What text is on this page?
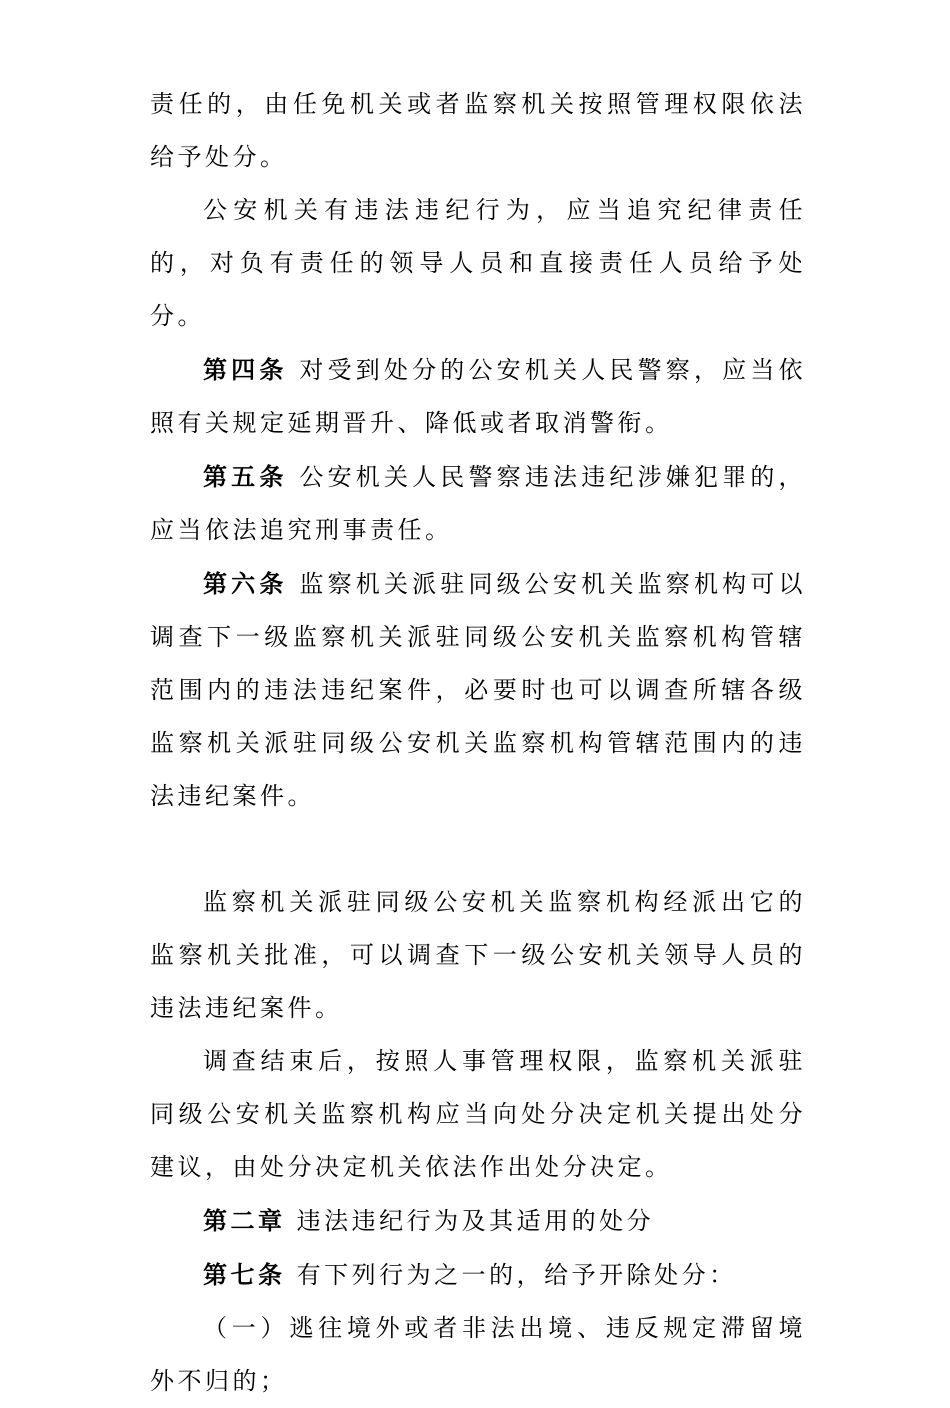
责任的，由任免机关或者监察机关按照管理权限依法给予处分。

公安机关有违法违纪行为，应当追究纪律责任的，对负有责任的领导人员和直接责任人员给予处分。

第四条 对受到处分的公安机关人民警察，应当依照有关规定延期晋升、降低或者取消警衔。

第五条 公安机关人民警察违法违纪涉嫌犯罪的，应当依法追究刑事责任。

第六条 监察机关派驻同级公安机关监察机构可以调查下一级监察机关派驻同级公安机关监察机构管辖范围内的违法违纪案件，必要时也可以调查所辖各级监察机关派驻同级公安机关监察机构管辖范围内的违法违纪案件。

监察机关派驻同级公安机关监察机构经派出它的监察机关批准，可以调查下一级公安机关领导人员的违法违纪案件。

调查结束后，按照人事管理权限，监察机关派驻同级公安机关监察机构应当向处分决定机关提出处分建议，由处分决定机关依法作出处分决定。

第二章 违法违纪行为及其适用的处分

第七条 有下列行为之一的，给予开除处分：

（一）逃往境外或者非法出境、违反规定滞留境外不归的；
